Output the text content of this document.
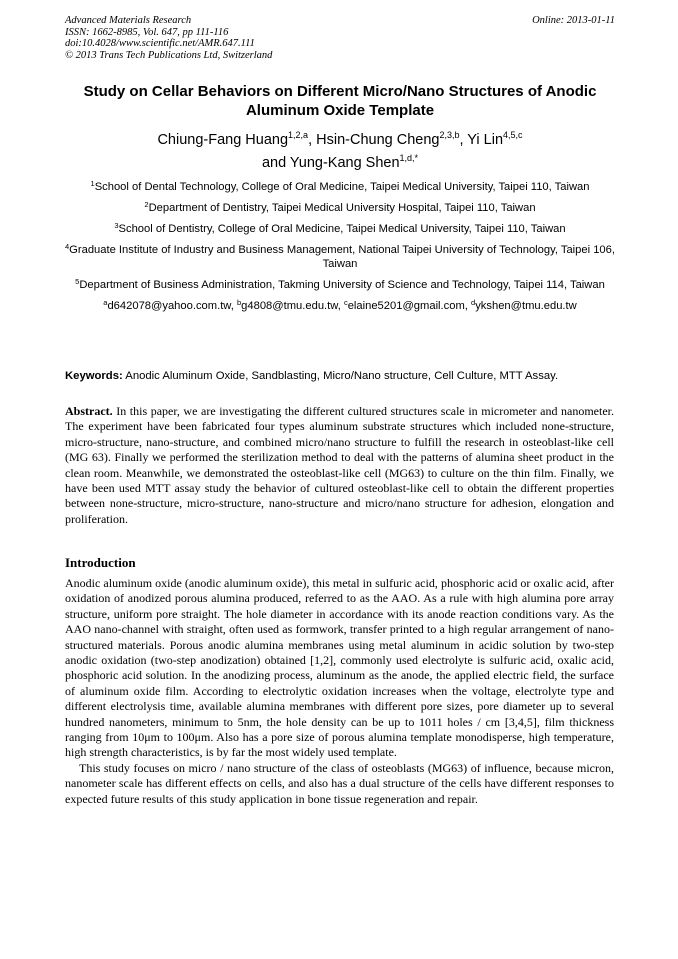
Advanced Materials Research
ISSN: 1662-8985, Vol. 647, pp 111-116
doi:10.4028/www.scientific.net/AMR.647.111
© 2013 Trans Tech Publications Ltd, Switzerland
Online: 2013-01-11
Study on Cellar Behaviors on Different Micro/Nano Structures of Anodic Aluminum Oxide Template
Chiung-Fang Huang$^{1,2,a}$, Hsin-Chung Cheng$^{2,3,b}$, Yi Lin$^{4,5,c}$
and Yung-Kang Shen$^{1,d,*}$
$^1$School of Dental Technology, College of Oral Medicine, Taipei Medical University, Taipei 110, Taiwan
$^2$Department of Dentistry, Taipei Medical University Hospital, Taipei 110, Taiwan
$^3$School of Dentistry, College of Oral Medicine, Taipei Medical University, Taipei 110, Taiwan
$^4$Graduate Institute of Industry and Business Management, National Taipei University of Technology, Taipei 106, Taiwan
$^5$Department of Business Administration, Takming University of Science and Technology, Taipei 114, Taiwan
$^a$d642078@yahoo.com.tw, $^b$g4808@tmu.edu.tw, $^c$elaine5201@gmail.com, $^d$ykshen@tmu.edu.tw
Keywords: Anodic Aluminum Oxide, Sandblasting, Micro/Nano structure, Cell Culture, MTT Assay.
Abstract. In this paper, we are investigating the different cultured structures scale in micrometer and nanometer. The experiment have been fabricated four types aluminum substrate structures which included none-structure, micro-structure, nano-structure, and combined micro/nano structure to fulfill the research in osteoblast-like cell (MG 63). Finally we performed the sterilization method to deal with the patterns of alumina sheet product in the clean room. Meanwhile, we demonstrated the osteoblast-like cell (MG63) to culture on the thin film. Finally, we have been used MTT assay study the behavior of cultured osteoblast-like cell to obtain the different properties between none-structure, micro-structure, nano-structure and micro/nano structure for adhesion, elongation and proliferation.
Introduction

Anodic aluminum oxide (anodic aluminum oxide), this metal in sulfuric acid, phosphoric acid or oxalic acid, after oxidation of anodized porous alumina produced, referred to as the AAO. As a rule with high alumina pore array structure, uniform pore straight. The hole diameter in accordance with its anode reaction conditions vary. As the AAO nano-channel with straight, often used as formwork, transfer printed to a high regular arrangement of nano-structured materials. Porous anodic alumina membranes using metal aluminum in acidic solution by two-step anodic oxidation (two-step anodization) obtained [1,2], commonly used electrolyte is sulfuric acid, oxalic acid, phosphoric acid solution. In the anodizing process, aluminum as the anode, the applied electric field, the surface of aluminum oxide film. According to electrolytic oxidation increases when the voltage, electrolyte type and different electrolysis time, available alumina membranes with different pore sizes, pore diameter up to several hundred nanometers, minimum to 5nm, the hole density can be up to 1011 holes / cm [3,4,5], film thickness ranging from 10μm to 100μm. Also has a pore size of porous alumina template monodisperse, high temperature, high strength characteristics, is by far the most widely used template.

This study focuses on micro / nano structure of the class of osteoblasts (MG63) of influence, because micron, nanometer scale has different effects on cells, and also has a dual structure of the cells have different responses to expected future results of this study application in bone tissue regeneration and repair.
